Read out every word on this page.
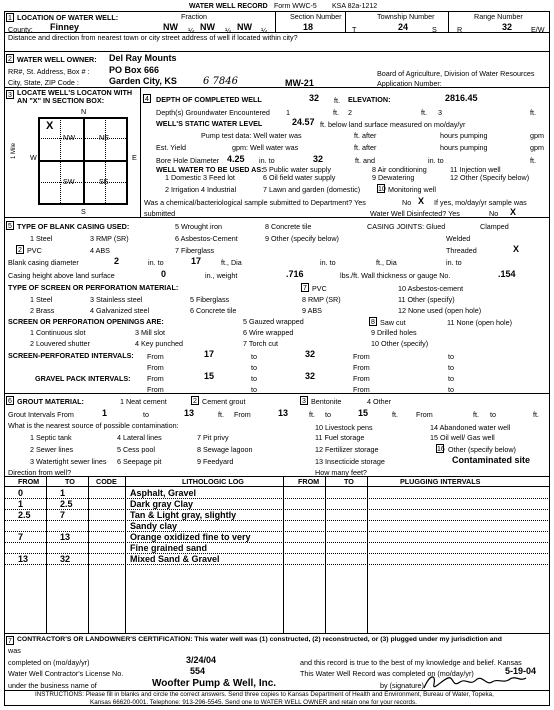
WATER WELL RECORD Form WWC-5 KSA 82a-1212
1 LOCATION OF WATER WELL:	Fraction
County: Finney	NW ¼ NW ¼ NW ¼
Section Number
18
Township Number
T	24	S
Range Number
R	32	E/W
Distance and direction from nearest town or city street address of well if located within city?
2 WATER WELL OWNER: Del Ray Mounts
RR#, St. Address, Box # : PO Box 666
City, State, ZIP Code :	Garden City, KS	6 7846	MW-21
Board of Agriculture, Division of Water Resources
Application Number:
3 LOCATE WELL'S LOCATON WITH AN "X" IN SECTION BOX:
N
S
W	E
NW	NE
SW	SE
X
1 Mile
4 DEPTH OF COMPLETED WELL	32 ft. ELEVATION:	2816.45
Depth(s) Groundwater Encountered 1	ft. 2	ft. 3	ft.
WELL'S STATIC WATER LEVEL	24.57 ft. below land surface measured on mo/day/yr
Pump test data: Well water was	ft. after	hours pumping	gpm
Est. Yield	gpm: Well water was	ft. after	hours pumping	gpm
Bore Hole Diameter 4.25 in. to	32	ft. and	in. to	ft.
WELL WATER TO BE USED AS:
1 Domestic 3 Feed lot
5 Public water supply	8 Air conditioning	11 Injection well
6 Oil field water supply	9 Dewatering	12 Other (Specify below)
2 Irrigation 4 Industrial	7 Lawn and garden (domestic)	10 Monitoring well
Was a chemical/bacteriological sample submitted to Department? Yes	No X If yes, mo/day/yr sample was
submitted	Water Well Disinfected? Yes	No X
5 TYPE OF BLANK CASING USED:	5 Wrought iron	8 Concrete tile	CASING JOINTS: Glued	Clamped
1 Steel	3 RMP (SR)	6 Asbestos-Cement	9 Other (specify below)	Welded
2 PVC	4 ABS	7 Fiberglass	Threaded	X
Blank casing diameter	2	in. to	17	ft., Dia	in. to	ft., Dia	in. to
Casing height above land surface	0	in., weight	.716	lbs./ft. Wall thickness or gauge No.	.154
TYPE OF SCREEN OR PERFORATION MATERIAL:	7 PVC	10 Asbestos-cement
1 Steel	3 Stainless steel	5 Fiberglass	8 RMP (SR)	11 Other (specify)
2 Brass	4 Galvanized steel	6 Concrete tile	9 ABS	12 None used (open hole)
SCREEN OR PERFORATION OPENINGS ARE:
1 Continuous slot	3 Mill slot
5 Gauzed wrapped	8 Saw cut	11 None (open hole)
6 Wire wrapped	9 Drilled holes
2 Louvered shutter	4 Key punched	7 Torch cut	10 Other (specify)
SCREEN-PERFORATED INTERVALS: From	17	to	32	From	to
From	to	From	to
GRAVEL PACK INTERVALS: From	15	to	32	From	to
From	to	From	to
6 GROUT MATERIAL:	1 Neat cement	2 Cement grout	3 Bentonite	4 Other
Grout Intervals From	1	to	13	ft. From	13	ft. to	15	ft.	From	ft. to	ft.
What is the nearest source of possible contamination:
1 Septic tank	4 Lateral lines	7 Pit privy
10 Livestock pens	14 Abandoned water well
11 Fuel storage	15 Oil well/ Gas well
2 Sewer lines	5 Cess pool	8 Sewage lagoon	12 Fertilizer storage	16 Other (specify below)
3 Watertight sewer lines 6 Seepage pit	9 Feedyard	13 Insecticide storage	Contaminated site
Direction from well?	How many feet?
FROM	TO	CODE	LITHOLOGIC LOG	FROM	TO	PLUGGING INTERVALS
0	1	Asphalt, Gravel
1	2.5	Dark gray Clay
2.5	7	Tan & Light gray, slightly
Sandy clay
7	13	Orange oxidized fine to very
Fine grained sand
13	32	Mixed Sand & Gravel
7 CONTRACTOR'S OR LANDOWNER'S CERTIFICATION: This water well was (1) constructed, (2) reconstructed, or (3) plugged under my jurisdiction and
was
completed on (mo/day/yr)	3/24/04	and this record is true to the best of my knowledge and belief. Kansas
Water Well Contractor's License No.	554	This Water Well Record was completed on (mo/day/yr)	5-19-04
under the business name of	Woofter Pump & Well, Inc.	by (signature)
INSTRUCTIONS: Please fill in blanks and circle the correct answers. Send three copies to Kansas Department of Health and Environment, Bureau of Water, Topeka,
Kansas 66620-0001. Telephone: 913-296-5545. Send one to WATER WELL OWNER and retain one for your records.
